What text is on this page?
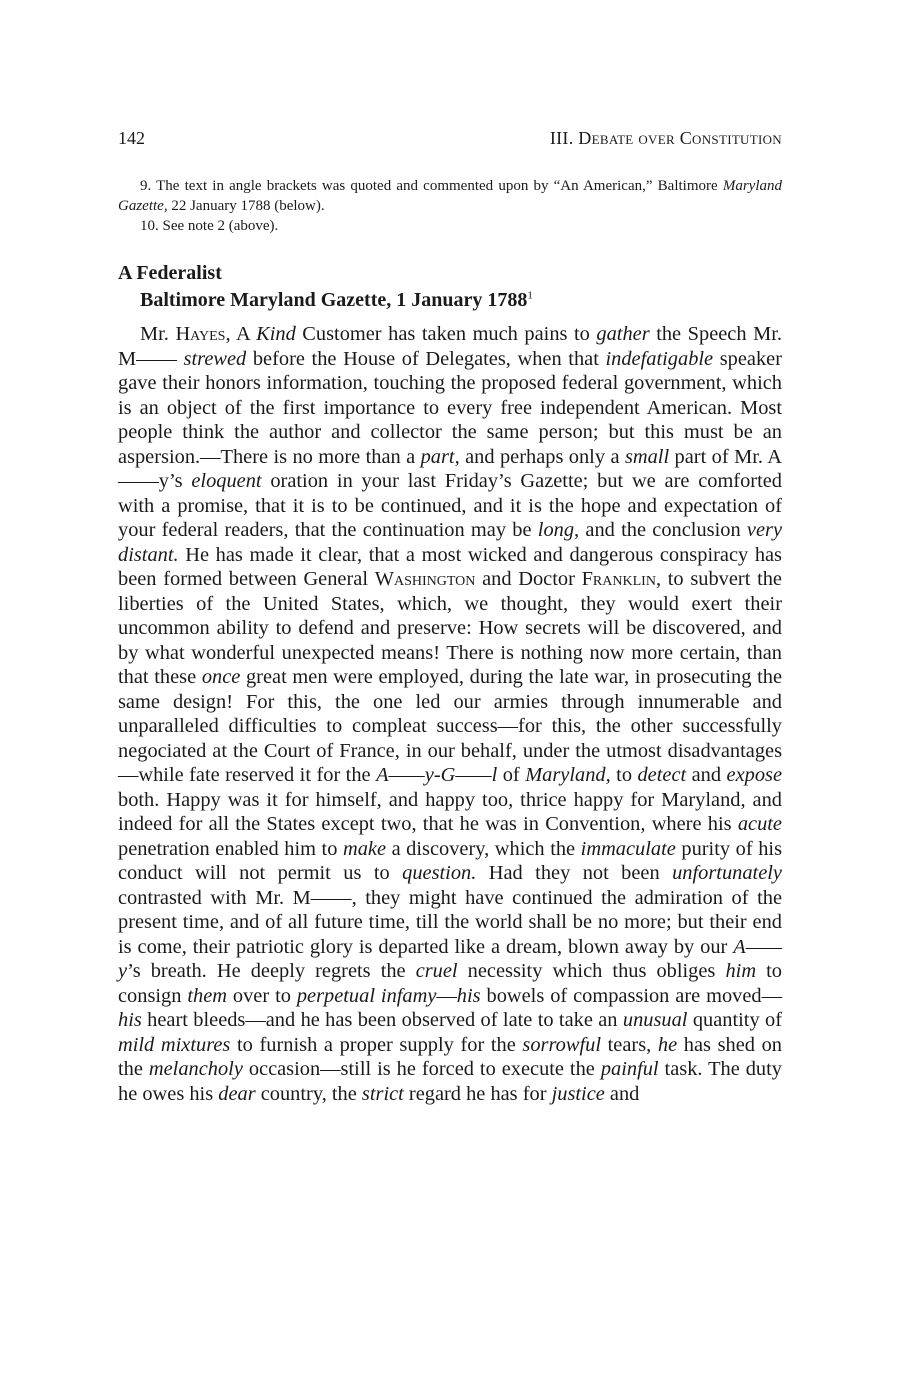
142	III. Debate over Constitution

9. The text in angle brackets was quoted and commented upon by “An American,” Baltimore Maryland Gazette, 22 January 1788 (below).

10. See note 2 (above).

A Federalist
Baltimore Maryland Gazette, 1 January 1788$^1$

Mr. Hayes, A Kind Customer has taken much pains to gather the Speech Mr. M—— strewed before the House of Delegates, when that indefatigable speaker gave their honors information, touching the proposed federal government, which is an object of the first importance to every free independent American. Most people think the author and collector the same person; but this must be an aspersion.—There is no more than a part, and perhaps only a small part of Mr. A——y’s eloquent oration in your last Friday’s Gazette; but we are comforted with a promise, that it is to be continued, and it is the hope and expectation of your federal readers, that the continuation may be long, and the conclusion very distant. He has made it clear, that a most wicked and dangerous conspiracy has been formed between General Washington and Doctor Franklin, to subvert the liberties of the United States, which, we thought, they would exert their uncommon ability to defend and preserve: How secrets will be discovered, and by what wonderful unexpected means! There is nothing now more certain, than that these once great men were employed, during the late war, in prosecuting the same design! For this, the one led our armies through innumerable and unparalleled difficulties to compleat success—for this, the other successfully negociated at the Court of France, in our behalf, under the utmost disadvantages—while fate reserved it for the A——y-G——l of Maryland, to detect and expose both. Happy was it for himself, and happy too, thrice happy for Maryland, and indeed for all the States except two, that he was in Convention, where his acute penetration enabled him to make a discovery, which the immaculate purity of his conduct will not permit us to question. Had they not been unfortunately contrasted with Mr. M——, they might have continued the admiration of the present time, and of all future time, till the world shall be no more; but their end is come, their patriotic glory is departed like a dream, blown away by our A——y’s breath. He deeply regrets the cruel necessity which thus obliges him to consign them over to perpetual infamy—his bowels of compassion are moved—his heart bleeds—and he has been observed of late to take an unusual quantity of mild mixtures to furnish a proper supply for the sorrowful tears, he has shed on the melancholy occasion—still is he forced to execute the painful task. The duty he owes his dear country, the strict regard he has for justice and
